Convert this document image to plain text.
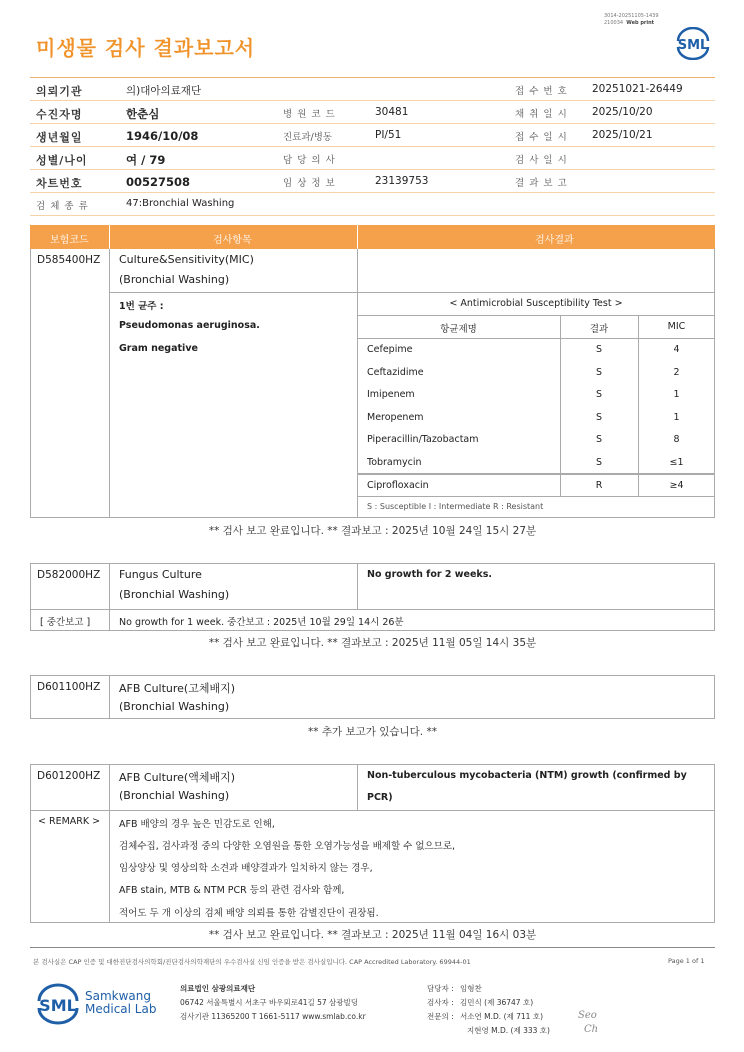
미생물 검사 결과보고서
3014-20251105-1439
210034 Web print
SML
의뢰기관	의)대아의료재단	접 수 번 호 20251021-26449
수진자명	한춘심	병 원 코 드	30481	채 취 일 시 2025/10/20
생년월일	1946/10/08	진료과/병동	PI/51	접 수 일 시 2025/10/21
성별/나이	여 / 79	담 당 의 사	검 사 일 시
차트번호	00527508	임 상 정 보	23139753	결 과 보 고
검 체 종 류	47:Bronchial Washing
보험코드	검사항목	검사결과
D585400HZ Culture&Sensitivity(MIC)
(Bronchial Washing)
1번 균주 :
Pseudomonas aeruginosa.
Gram negative
< Antimicrobial Susceptibility Test >
항균제명	결과	MIC
Cefepime	S	4
Ceftazidime	S	2
Imipenem	S	1
Meropenem	S	1
Piperacillin/Tazobactam	S	8
Tobramycin	S	≤1
Ciprofloxacin	R	≥4
S : Susceptible I : Intermediate R : Resistant
** 검사 보고 완료입니다. ** 결과보고 : 2025년 10월 24일 15시 27분
D582000HZ Fungus Culture
(Bronchial Washing)
No growth for 2 weeks.
[ 중간보고 ]	No growth for 1 week. 중간보고 : 2025년 10월 29일 14시 26분
** 검사 보고 완료입니다. ** 결과보고 : 2025년 11월 05일 14시 35분
D601100HZ AFB Culture(고체배지)
(Bronchial Washing)
** 추가 보고가 있습니다. **
D601200HZ AFB Culture(액체배지)
(Bronchial Washing)
Non-tuberculous mycobacteria (NTM) growth (confirmed by
PCR)
< REMARK > AFB 배양의 경우 높은 민감도로 인해,
검체수집, 검사과정 중의 다양한 오염원을 통한 오염가능성을 배제할 수 없으므로,
임상양상 및 영상의학 소견과 배양결과가 일치하지 않는 경우,
AFB stain, MTB & NTM PCR 등의 관련 검사와 함께,
적어도 두 개 이상의 검체 배양 의뢰를 통한 감별진단이 권장됨.
** 검사 보고 완료입니다. ** 결과보고 : 2025년 11월 04일 16시 03분
본 검사실은 CAP 인증 및 대한진단검사의학회/진단검사의학재단의 우수검사실 신임 인증을 받은 검사실입니다. CAP Accredited Laboratory. 69944-01	Page 1 of 1
SML Samkwang
Medical Lab
의료법인 삼광의료재단
06742 서울특별시 서초구 바우뫼로41길 57 삼광빌딩
검사기관 11365200 T 1661-5117 www.smlab.co.kr
담당자 : 임형찬
검사자 : 김민식 (제 36747 호)
전문의 : 서소연 M.D. (제 711 호)
지현영 M.D. (제 333 호)
Seo
Ch
